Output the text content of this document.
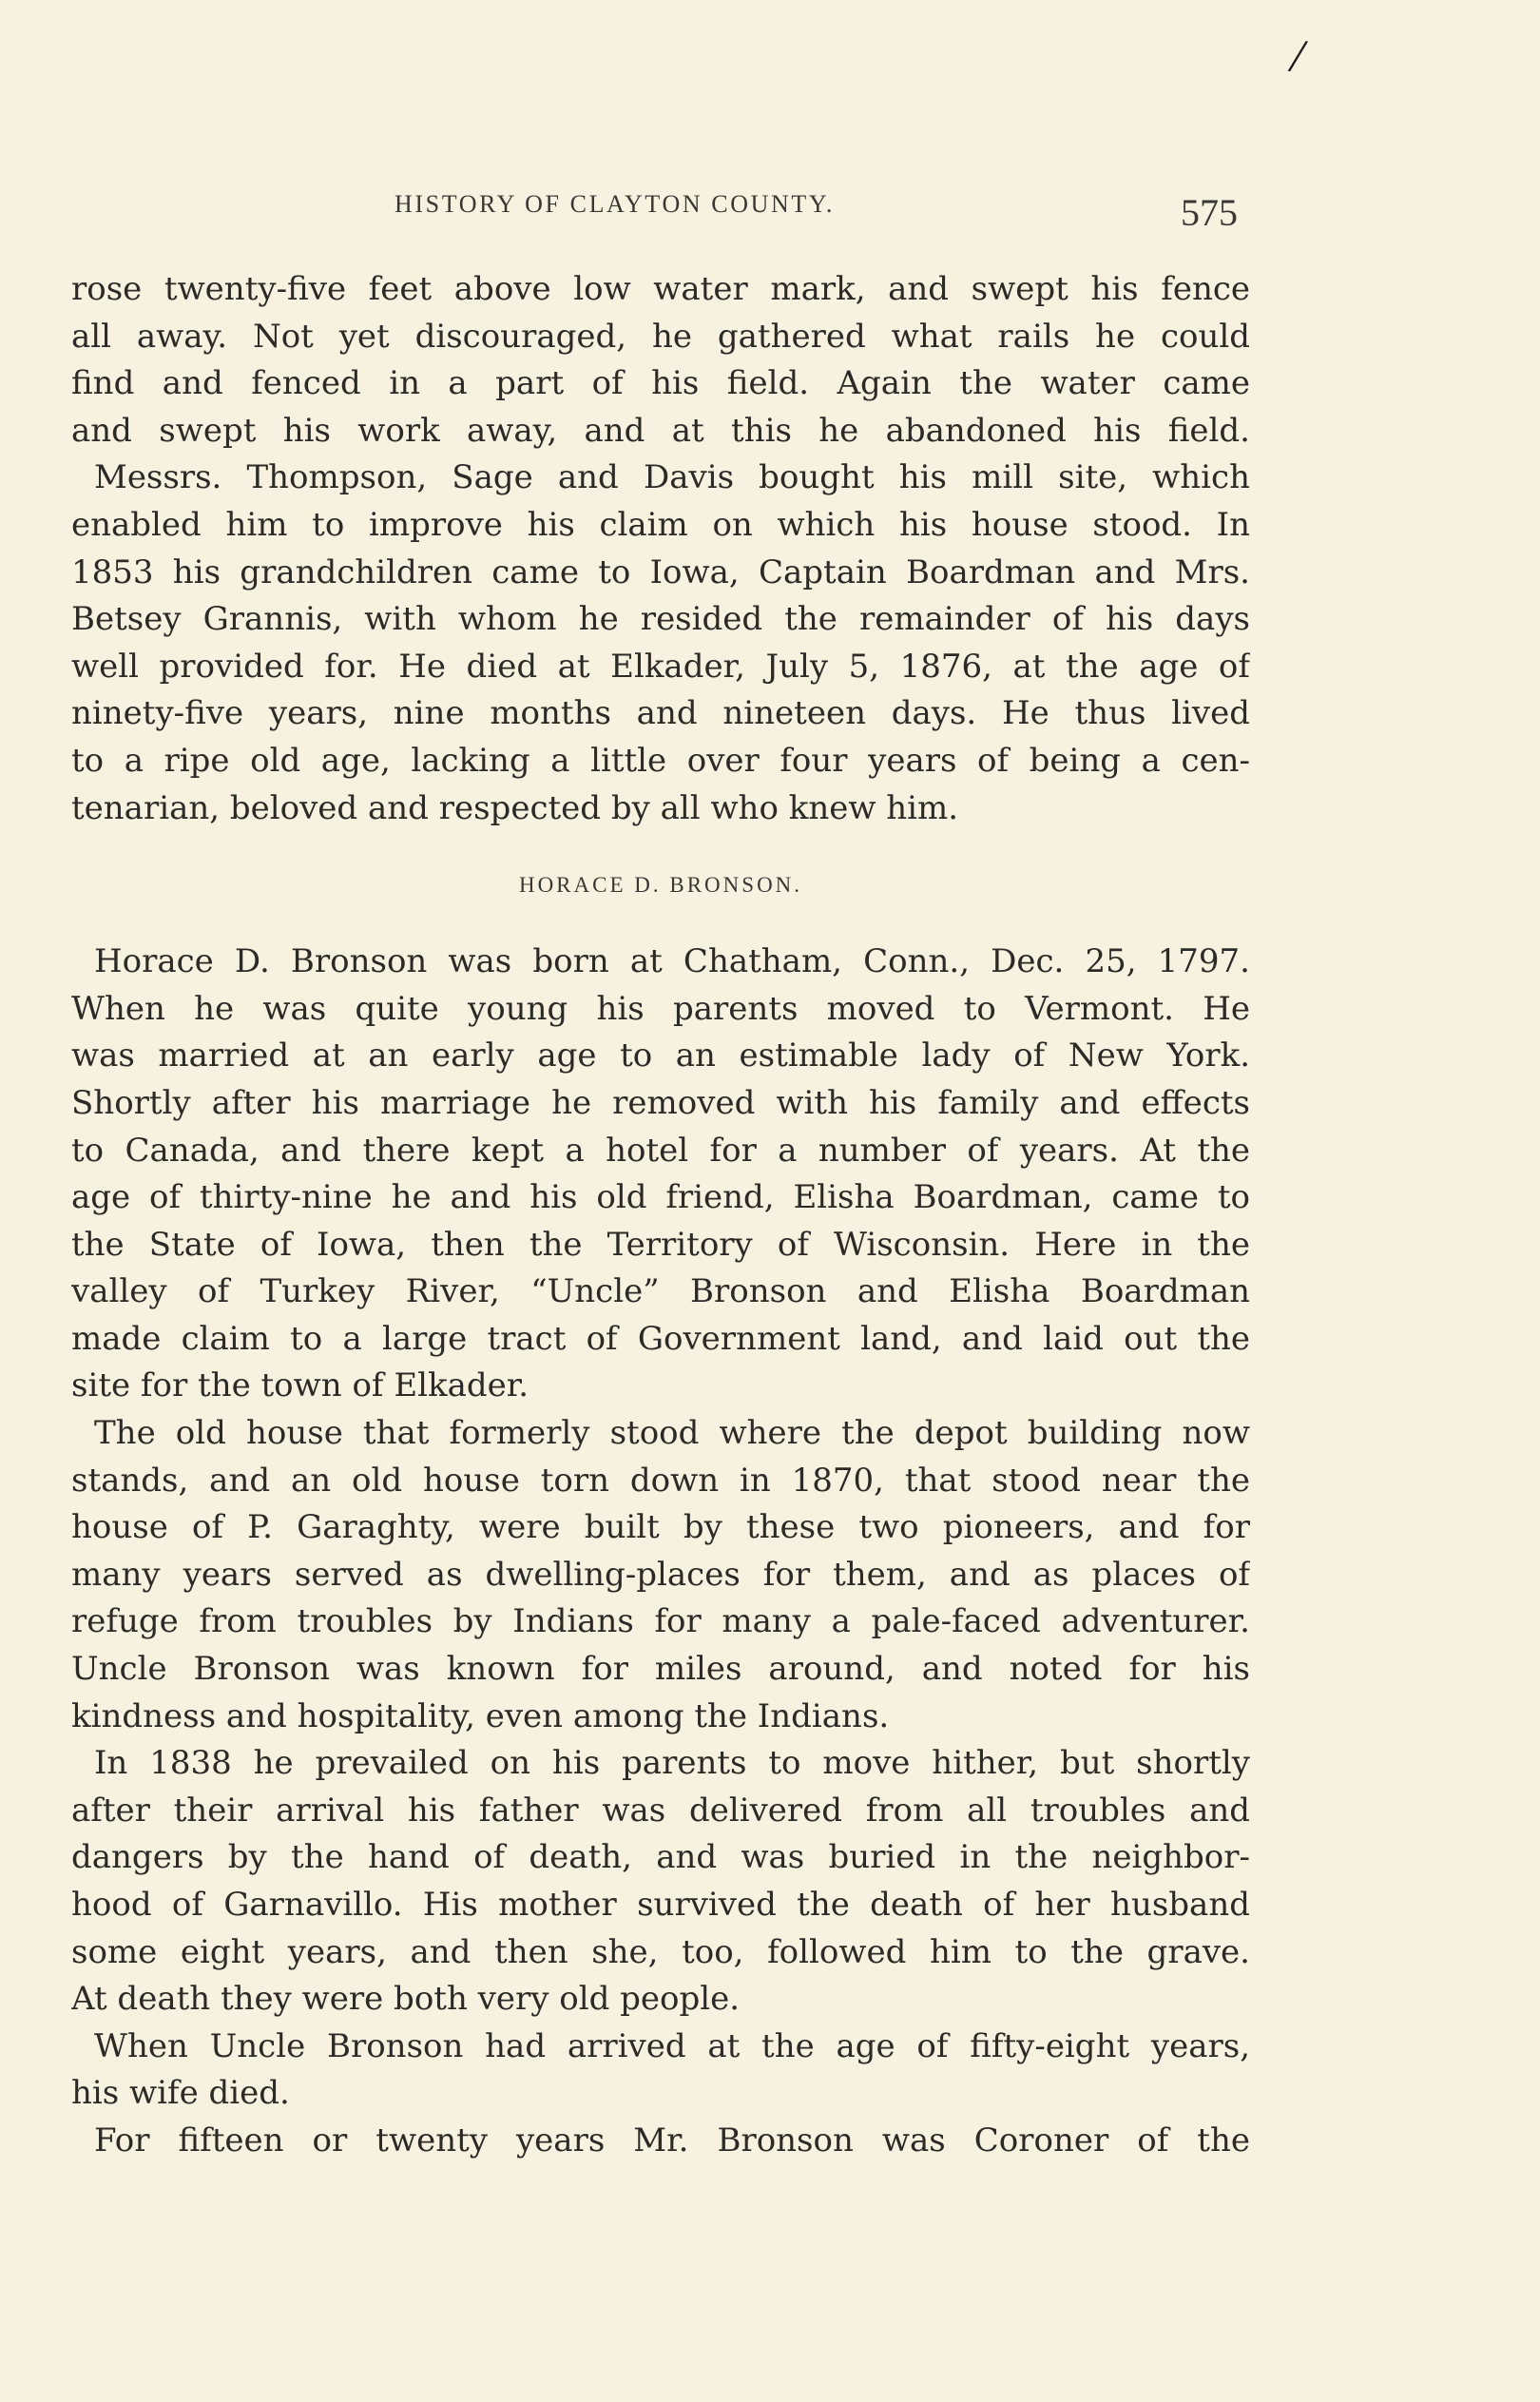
/
HISTORY OF CLAYTON COUNTY.	575
rose twenty-five feet above low water mark, and swept his fence
all away. Not yet discouraged, he gathered what rails he could
find and fenced in a part of his field. Again the water came
and swept his work away, and at this he abandoned his field.
Messrs. Thompson, Sage and Davis bought his mill site, which
enabled him to improve his claim on which his house stood. In
1853 his grandchildren came to Iowa, Captain Boardman and Mrs.
Betsey Grannis, with whom he resided the remainder of his days
well provided for. He died at Elkader, July 5, 1876, at the age of
ninety-five years, nine months and nineteen days. He thus lived
to a ripe old age, lacking a little over four years of being a cen-
tenarian, beloved and respected by all who knew him.
HORACE D. BRONSON.
Horace D. Bronson was born at Chatham, Conn., Dec. 25, 1797.
When he was quite young his parents moved to Vermont. He
was married at an early age to an estimable lady of New York.
Shortly after his marriage he removed with his family and effects
to Canada, and there kept a hotel for a number of years. At the
age of thirty-nine he and his old friend, Elisha Boardman, came to
the State of Iowa, then the Territory of Wisconsin. Here in the
valley of Turkey River, “Uncle” Bronson and Elisha Boardman
made claim to a large tract of Government land, and laid out the
site for the town of Elkader.
The old house that formerly stood where the depot building now
stands, and an old house torn down in 1870, that stood near the
house of P. Garaghty, were built by these two pioneers, and for
many years served as dwelling-places for them, and as places of
refuge from troubles by Indians for many a pale-faced adventurer.
Uncle Bronson was known for miles around, and noted for his
kindness and hospitality, even among the Indians.
In 1838 he prevailed on his parents to move hither, but shortly
after their arrival his father was delivered from all troubles and
dangers by the hand of death, and was buried in the neighbor-
hood of Garnavillo. His mother survived the death of her husband
some eight years, and then she, too, followed him to the grave.
At death they were both very old people.
When Uncle Bronson had arrived at the age of fifty-eight years,
his wife died.
For fifteen or twenty years Mr. Bronson was Coroner of the
